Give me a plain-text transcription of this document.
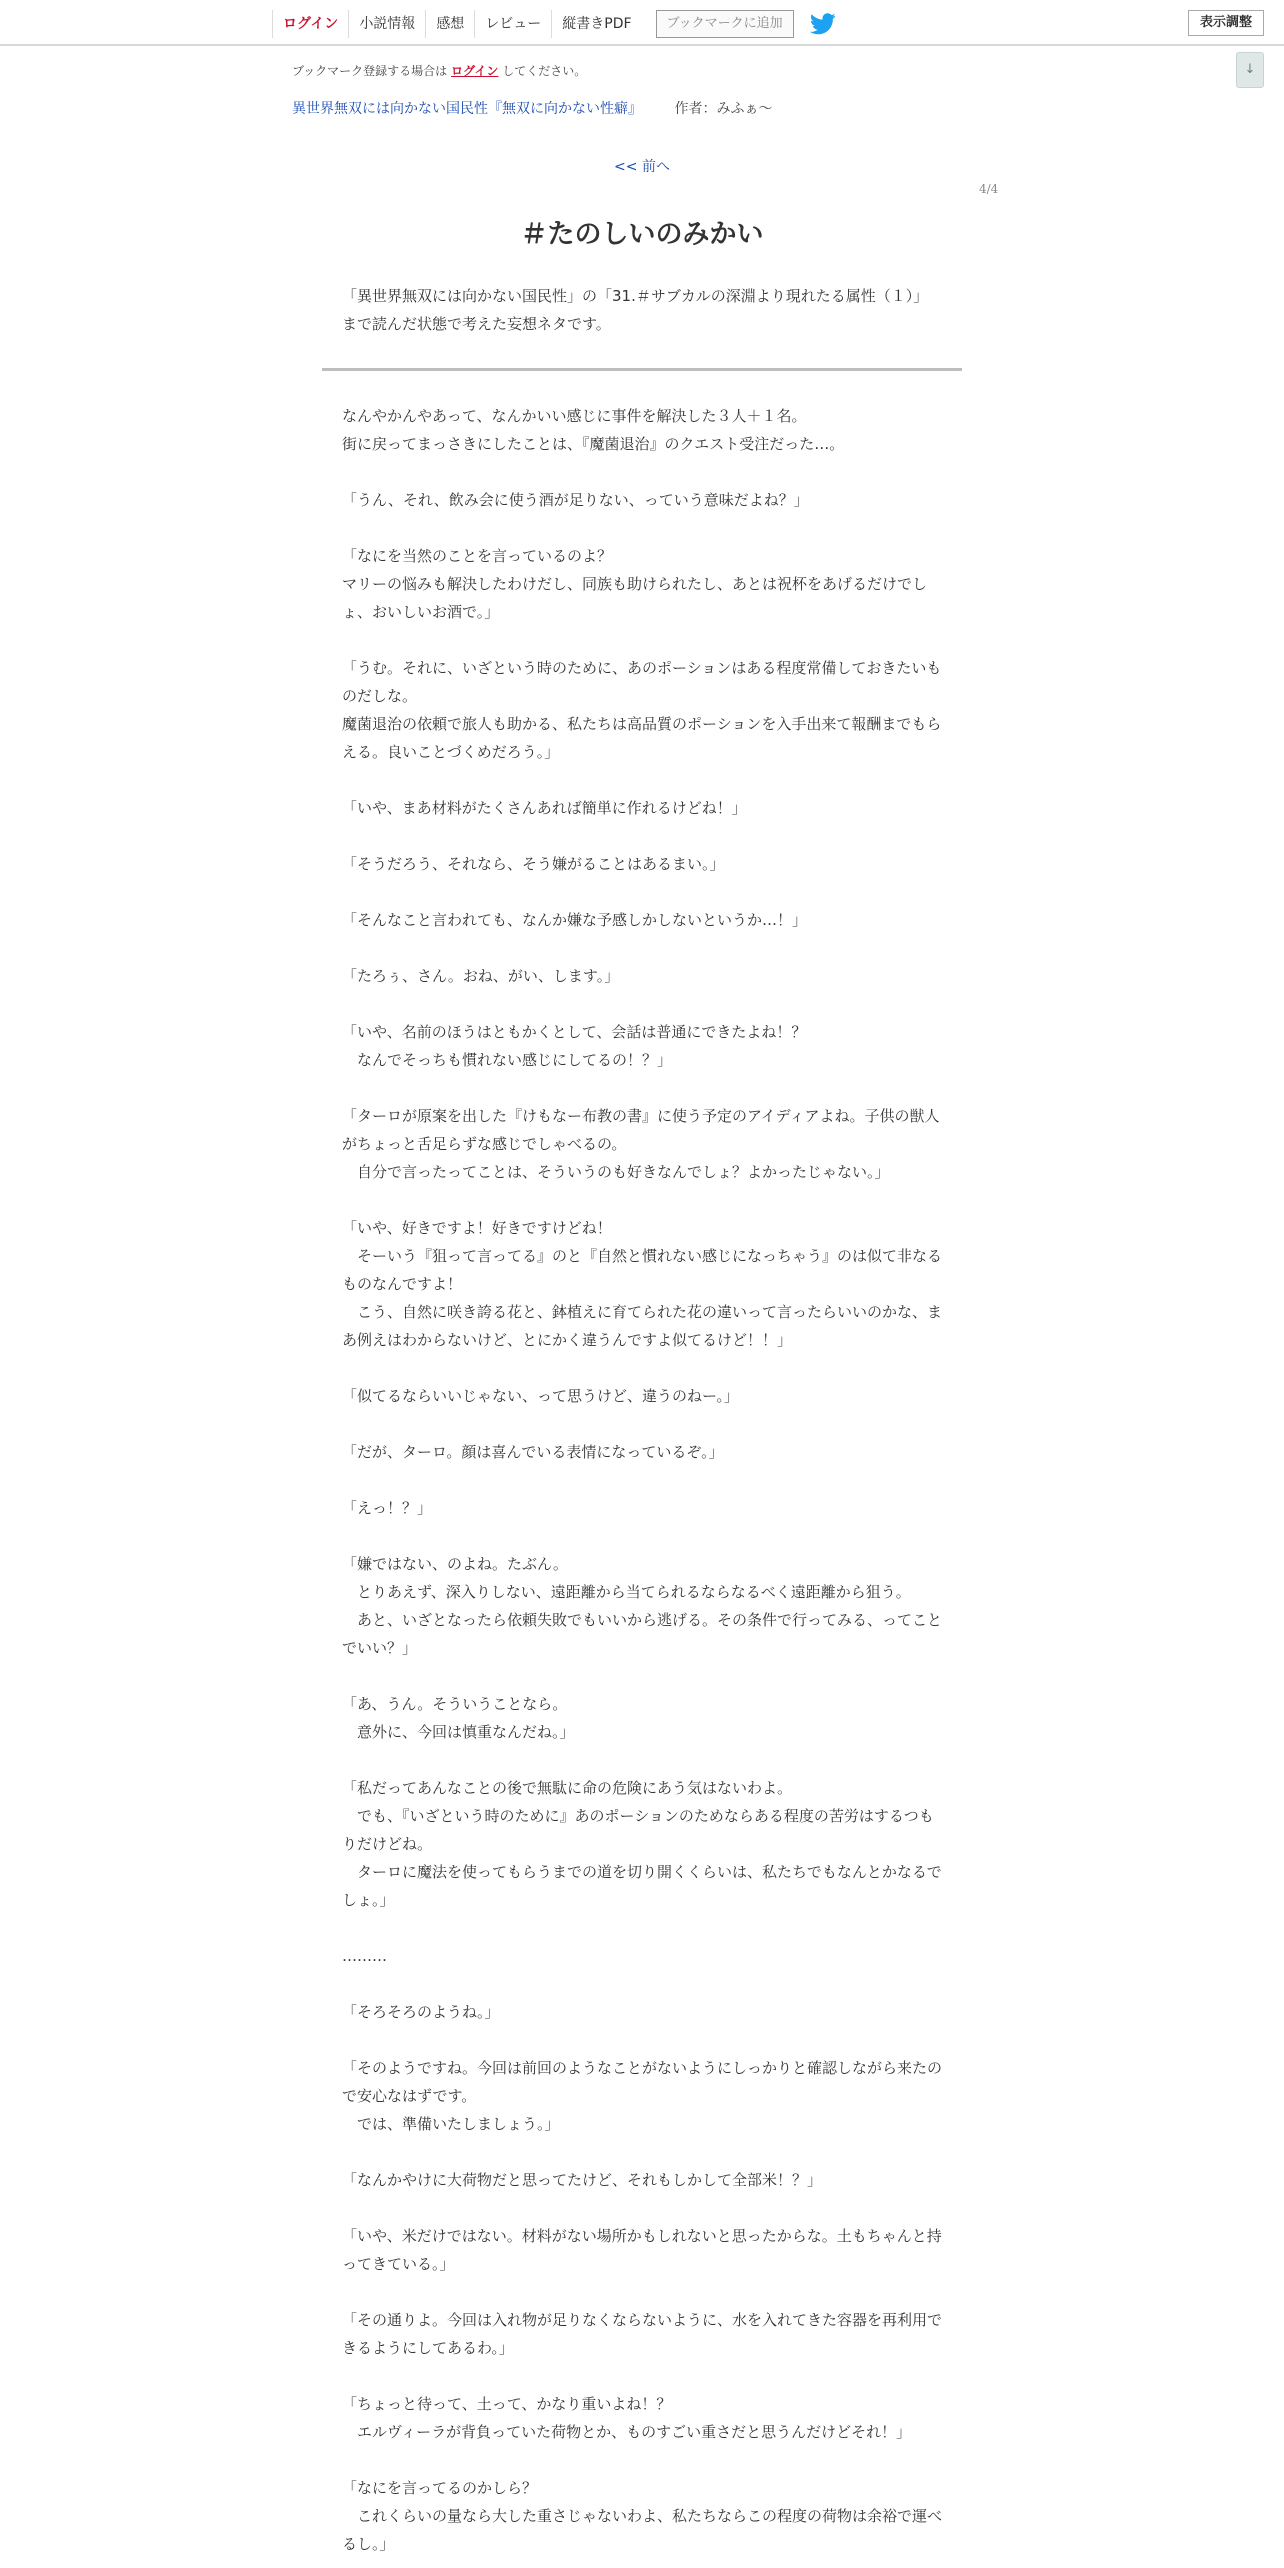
ログイン	小説情報	感想	レビュー	縦書きPDF	ブックマークに追加	表示調整
↓
ブックマーク登録する場合は ログイン してください。
異世界無双には向かない国民性『無双に向かない性癖』 作者：みふぁ～
<< 前へ
4/4
＃たのしいのみかい
「異世界無双には向かない国民性」の「31.＃サブカルの深淵より現れたる属性（１）」まで読んだ状態で考えた妄想ネタです。

なんやかんやあって、なんかいい感じに事件を解決した３人＋１名。
街に戻ってまっさきにしたことは、『魔菌退治』のクエスト受注だった…。

「うん、それ、飲み会に使う酒が足りない、っていう意味だよね？」

「なにを当然のことを言っているのよ？
マリーの悩みも解決したわけだし、同族も助けられたし、あとは祝杯をあげるだけでしょ、おいしいお酒で。」

「うむ。それに、いざという時のために、あのポーションはある程度常備しておきたいものだしな。
魔菌退治の依頼で旅人も助かる、私たちは高品質のポーションを入手出来て報酬までもらえる。良いことづくめだろう。」

「いや、まあ材料がたくさんあれば簡単に作れるけどね！」

「そうだろう、それなら、そう嫌がることはあるまい。」

「そんなこと言われても、なんか嫌な予感しかしないというか…！」

「たろぅ、さん。おね、がい、します。」

「いや、名前のほうはともかくとして、会話は普通にできたよね！？
　なんでそっちも慣れない感じにしてるの！？」

「ターロが原案を出した『けもなー布教の書』に使う予定のアイディアよね。子供の獣人がちょっと舌足らずな感じでしゃべるの。
　自分で言ったってことは、そういうのも好きなんでしょ？よかったじゃない。」

「いや、好きですよ！好きですけどね！
　そーいう『狙って言ってる』のと『自然と慣れない感じになっちゃう』のは似て非なるものなんですよ！
　こう、自然に咲き誇る花と、鉢植えに育てられた花の違いって言ったらいいのかな、まあ例えはわからないけど、とにかく違うんですよ似てるけど！！」

「似てるならいいじゃない、って思うけど、違うのねー。」

「だが、ターロ。顔は喜んでいる表情になっているぞ。」

「えっ！？」

「嫌ではない、のよね。たぶん。
　とりあえず、深入りしない、遠距離から当てられるならなるべく遠距離から狙う。
　あと、いざとなったら依頼失敗でもいいから逃げる。その条件で行ってみる、ってことでいい？」

「あ、うん。そういうことなら。
　意外に、今回は慎重なんだね。」

「私だってあんなことの後で無駄に命の危険にあう気はないわよ。
　でも、『いざという時のために』あのポーションのためならある程度の苦労はするつもりだけどね。
　ターロに魔法を使ってもらうまでの道を切り開くくらいは、私たちでもなんとかなるでしょ。」

………

「そろそろのようね。」

「そのようですね。今回は前回のようなことがないようにしっかりと確認しながら来たので安心なはずです。
　では、準備いたしましょう。」

「なんかやけに大荷物だと思ってたけど、それもしかして全部米！？」

「いや、米だけではない。材料がない場所かもしれないと思ったからな。土もちゃんと持ってきている。」

「その通りよ。今回は入れ物が足りなくならないように、水を入れてきた容器を再利用できるようにしてあるわ。」

「ちょっと待って、土って、かなり重いよね！？
　エルヴィーラが背負っていた荷物とか、ものすごい重さだと思うんだけどそれ！」

「なにを言ってるのかしら？
　これくらいの量なら大した重さじゃないわよ、私たちならこの程度の荷物は余裕で運べるし。」
